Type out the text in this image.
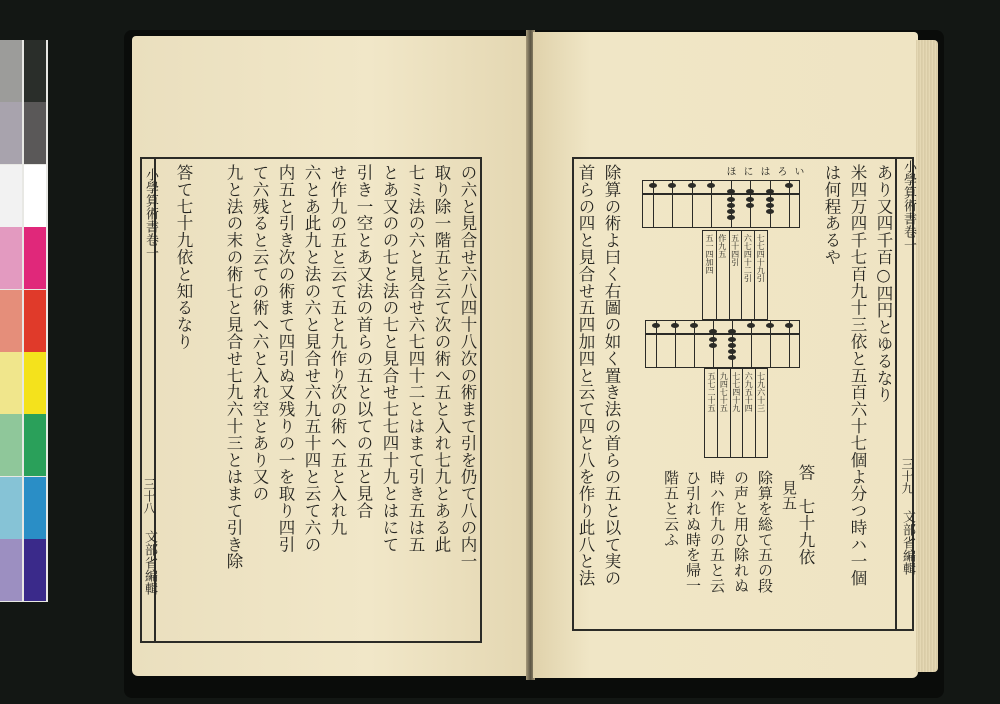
小學算術書卷一
三十八
文部省編輯	の六と見合せ六八四十八次の術まて引を仍て八の内一
取り除一階五と云て次の術へ五と入れ七九とある此
七ミ法の六と見合せ六七四十二とはまて引き五は五
とあ又のの七と法の七と見合せ七七四十九とはにて
引き一空とあ又法の首らの五と以ての五と見合
せ作九の五と云て五と九作り次の術へ五と入れ九
六とあ此九と法の六と見合せ六九五十四と云て六の
内五と引き次の術まて四引ぬ又残りの一を取り四引
て六残ると云ての術へ六と入れ空とあり又の
九と法の末の術七と見合せ七九六十三とはまて引き除
答て七十九依と知るなり	小學算術書卷一
三十九
文部省編輯
あり又四千百○四円とゆるなり
米四万四千七百九十三依と五百六十七個よ分つ時ハ一個
は何程あるや
答　七十九依
見五
除算を総て五の段
の声と用ひ除れぬ
時ハ作九の五と云
ひ引れぬ時を帰一
階五と云ふ
除算の術よ曰く右圖の如く置き法の首らの五と以て実の
首らの四と見合せ五四加四と云て四と八を作り此八と法	い
ろ
は
に
ほ
七七四十九引
六七四十二引
五十四引
作九五
五一四加四
七九六十三
六九五十四
七七四十九
九四七十五
五七二十五
